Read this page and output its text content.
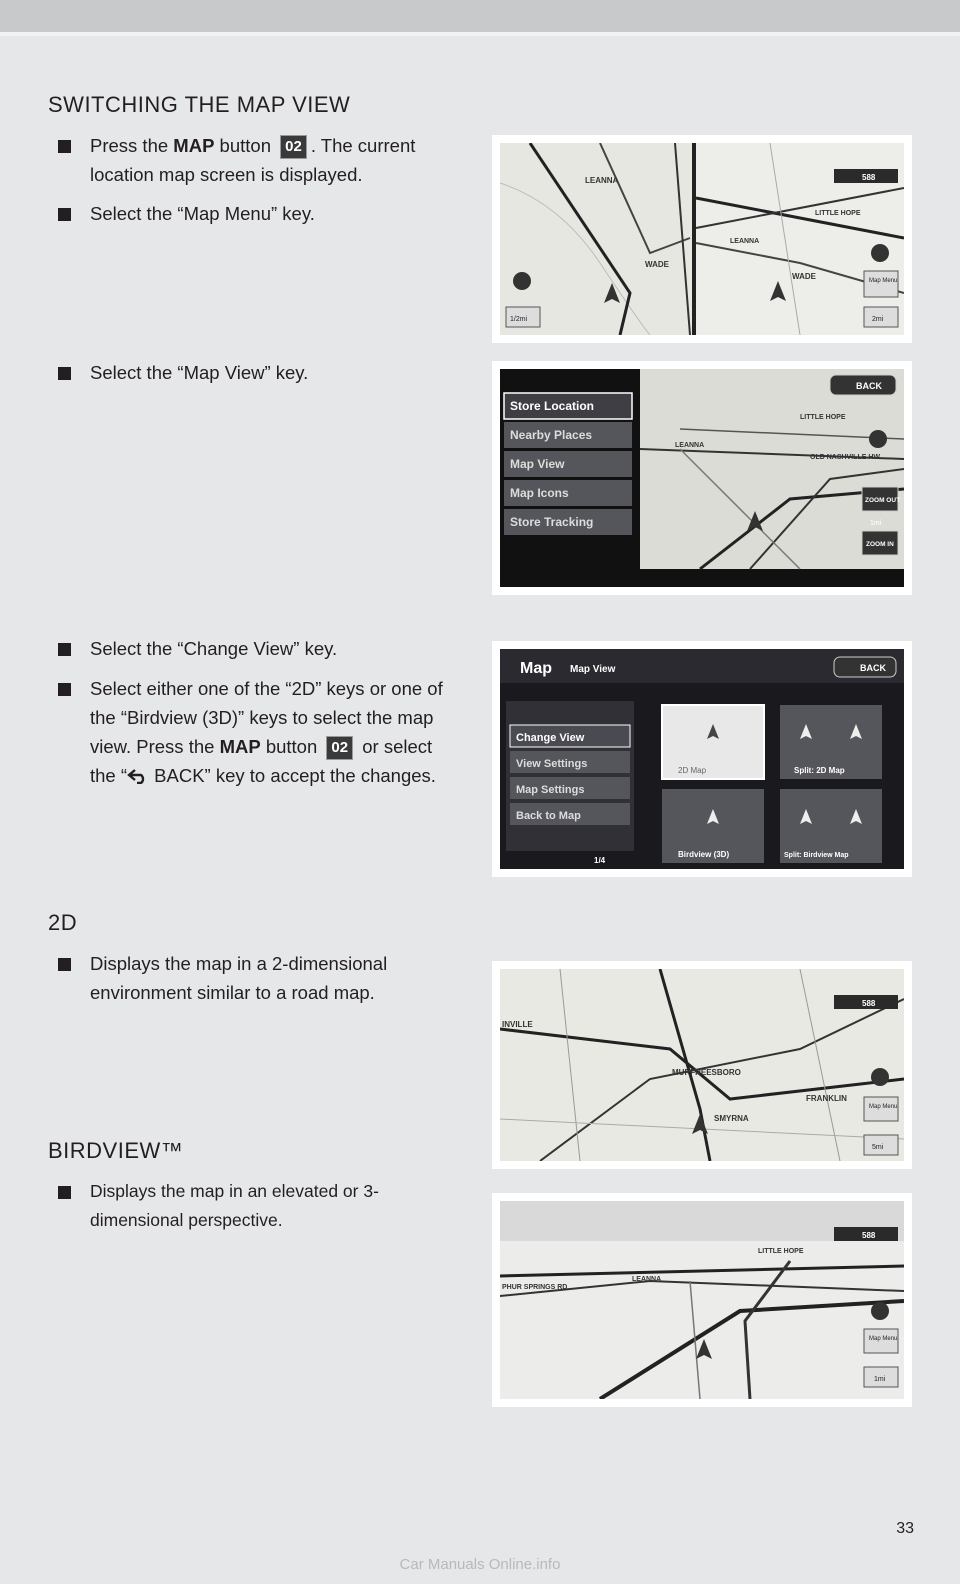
SWITCHING THE MAP VIEW
Press the MAP button 02 . The current location map screen is displayed.
Select the “Map Menu” key.
Select the “Map View” key.
Select the “Change View” key.
Select either one of the “2D” keys or one of the “Birdview (3D)” keys to select the map view. Press the MAP button 02 or select the “ BACK” key to accept the changes.
2D
Displays the map in a 2-dimensional environment similar to a road map.
BIRDVIEW™
Displays the map in an elevated or 3-dimensional perspective.
LEANNA
WADE
LEANNA
LITTLE HOPE
WADE
588
Map Menu
1/2mi	2mi
LITTLE HOPE
OLD NASHVILLE HW
LEANNA
Store Location
Nearby Places
Map View
Map Icons
Store Tracking
BACK
ZOOM OUT
1mi
ZOOM IN
Map Map View	BACK
Change View
View Settings
Map Settings
Back to Map
1/4
2D Map	Split: 2D Map
Birdview (3D)	Split: Birdview Map
INVILLE
MURFREESBORO
FRANKLIN
SMYRNA
588
Map Menu
5mi
LITTLE HOPE
PHUR SPRINGS RD
LEANNA
588
Map Menu
1mi
33
Car Manuals Online.info
